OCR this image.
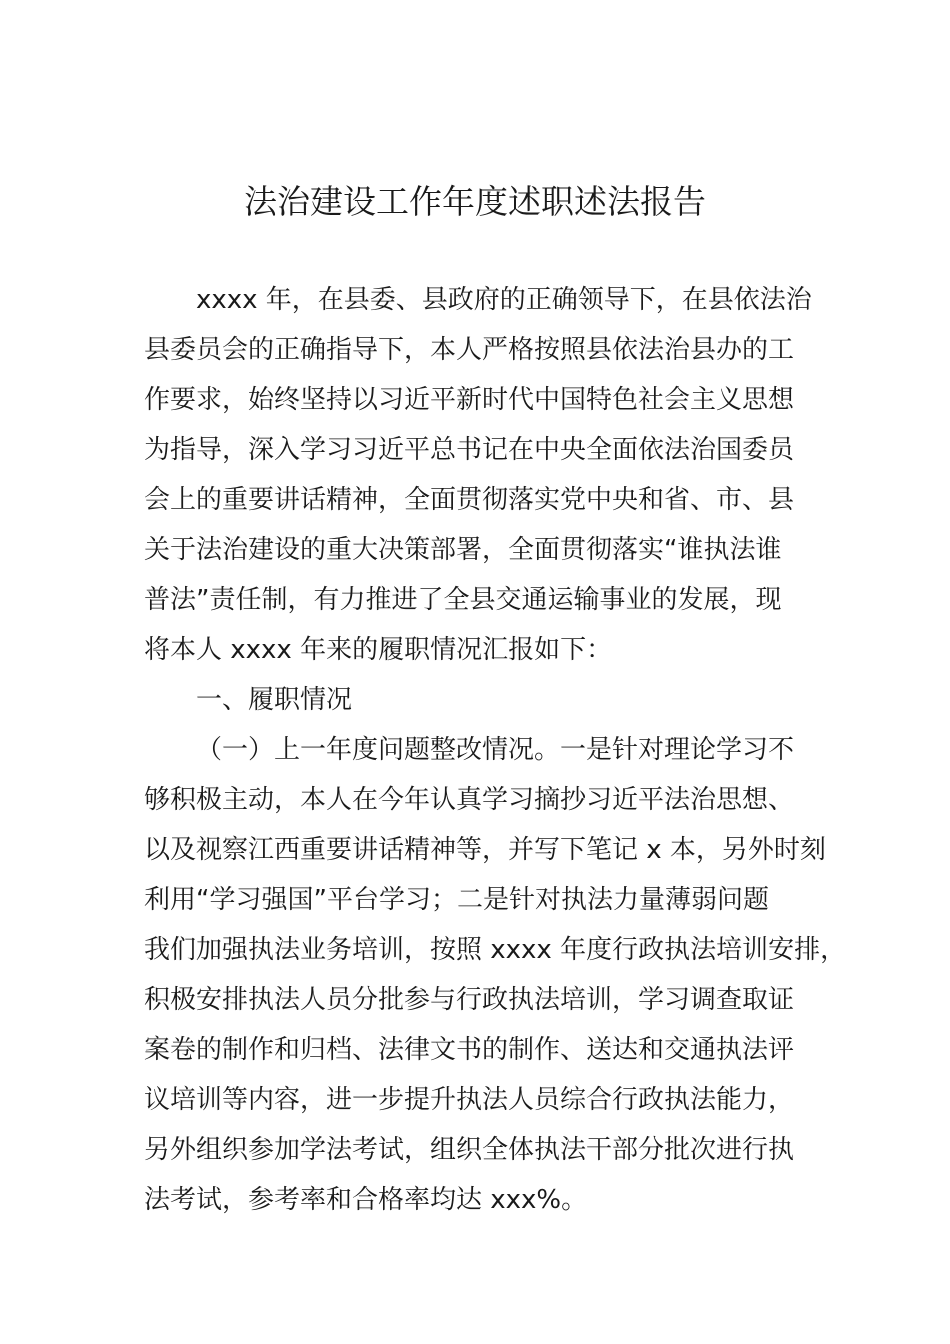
法治建设工作年度述职述法报告

xxxx 年，在县委、县政府的正确领导下，在县依法治

县委员会的正确指导下，本人严格按照县依法治县办的工

作要求，始终坚持以习近平新时代中国特色社会主义思想

为指导，深入学习习近平总书记在中央全面依法治国委员

会上的重要讲话精神，全面贯彻落实党中央和省、市、县

关于法治建设的重大决策部署，全面贯彻落实“谁执法谁

普法”责任制，有力推进了全县交通运输事业的发展，现

将本人 xxxx 年来的履职情况汇报如下：

一、履职情况

（一）上一年度问题整改情况。一是针对理论学习不

够积极主动，本人在今年认真学习摘抄习近平法治思想、

以及视察江西重要讲话精神等，并写下笔记 x 本，另外时刻

利用“学习强国”平台学习；二是针对执法力量薄弱问题

我们加强执法业务培训，按照 xxxx 年度行政执法培训安排，

积极安排执法人员分批参与行政执法培训，学习调查取证

案卷的制作和归档、法律文书的制作、送达和交通执法评

议培训等内容，进一步提升执法人员综合行政执法能力，

另外组织参加学法考试，组织全体执法干部分批次进行执

法考试，参考率和合格率均达 xxx%。
